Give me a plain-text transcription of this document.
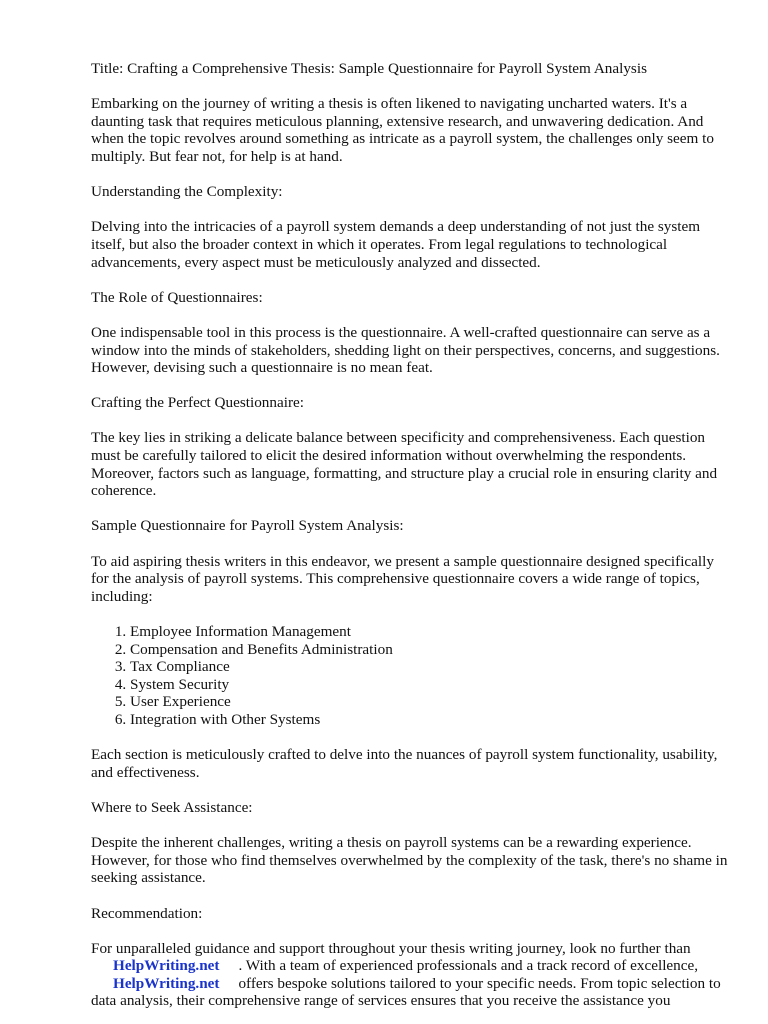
Title: Crafting a Comprehensive Thesis: Sample Questionnaire for Payroll System Analysis

Embarking on the journey of writing a thesis is often likened to navigating uncharted waters. It's a daunting task that requires meticulous planning, extensive research, and unwavering dedication. And when the topic revolves around something as intricate as a payroll system, the challenges only seem to multiply. But fear not, for help is at hand.

Understanding the Complexity:

Delving into the intricacies of a payroll system demands a deep understanding of not just the system itself, but also the broader context in which it operates. From legal regulations to technological advancements, every aspect must be meticulously analyzed and dissected.

The Role of Questionnaires:

One indispensable tool in this process is the questionnaire. A well-crafted questionnaire can serve as a window into the minds of stakeholders, shedding light on their perspectives, concerns, and suggestions. However, devising such a questionnaire is no mean feat.

Crafting the Perfect Questionnaire:

The key lies in striking a delicate balance between specificity and comprehensiveness. Each question must be carefully tailored to elicit the desired information without overwhelming the respondents. Moreover, factors such as language, formatting, and structure play a crucial role in ensuring clarity and coherence.

Sample Questionnaire for Payroll System Analysis:

To aid aspiring thesis writers in this endeavor, we present a sample questionnaire designed specifically for the analysis of payroll systems. This comprehensive questionnaire covers a wide range of topics, including:

1. Employee Information Management
2. Compensation and Benefits Administration
3. Tax Compliance
4. System Security
5. User Experience
6. Integration with Other Systems

Each section is meticulously crafted to delve into the nuances of payroll system functionality, usability, and effectiveness.

Where to Seek Assistance:

Despite the inherent challenges, writing a thesis on payroll systems can be a rewarding experience. However, for those who find themselves overwhelmed by the complexity of the task, there's no shame in seeking assistance.

Recommendation:

For unparalleled guidance and support throughout your thesis writing journey, look no further than
HelpWriting.net . With a team of experienced professionals and a track record of excellence,
HelpWriting.net offers bespoke solutions tailored to your specific needs. From topic selection to data analysis, their comprehensive range of services ensures that you receive the assistance you
